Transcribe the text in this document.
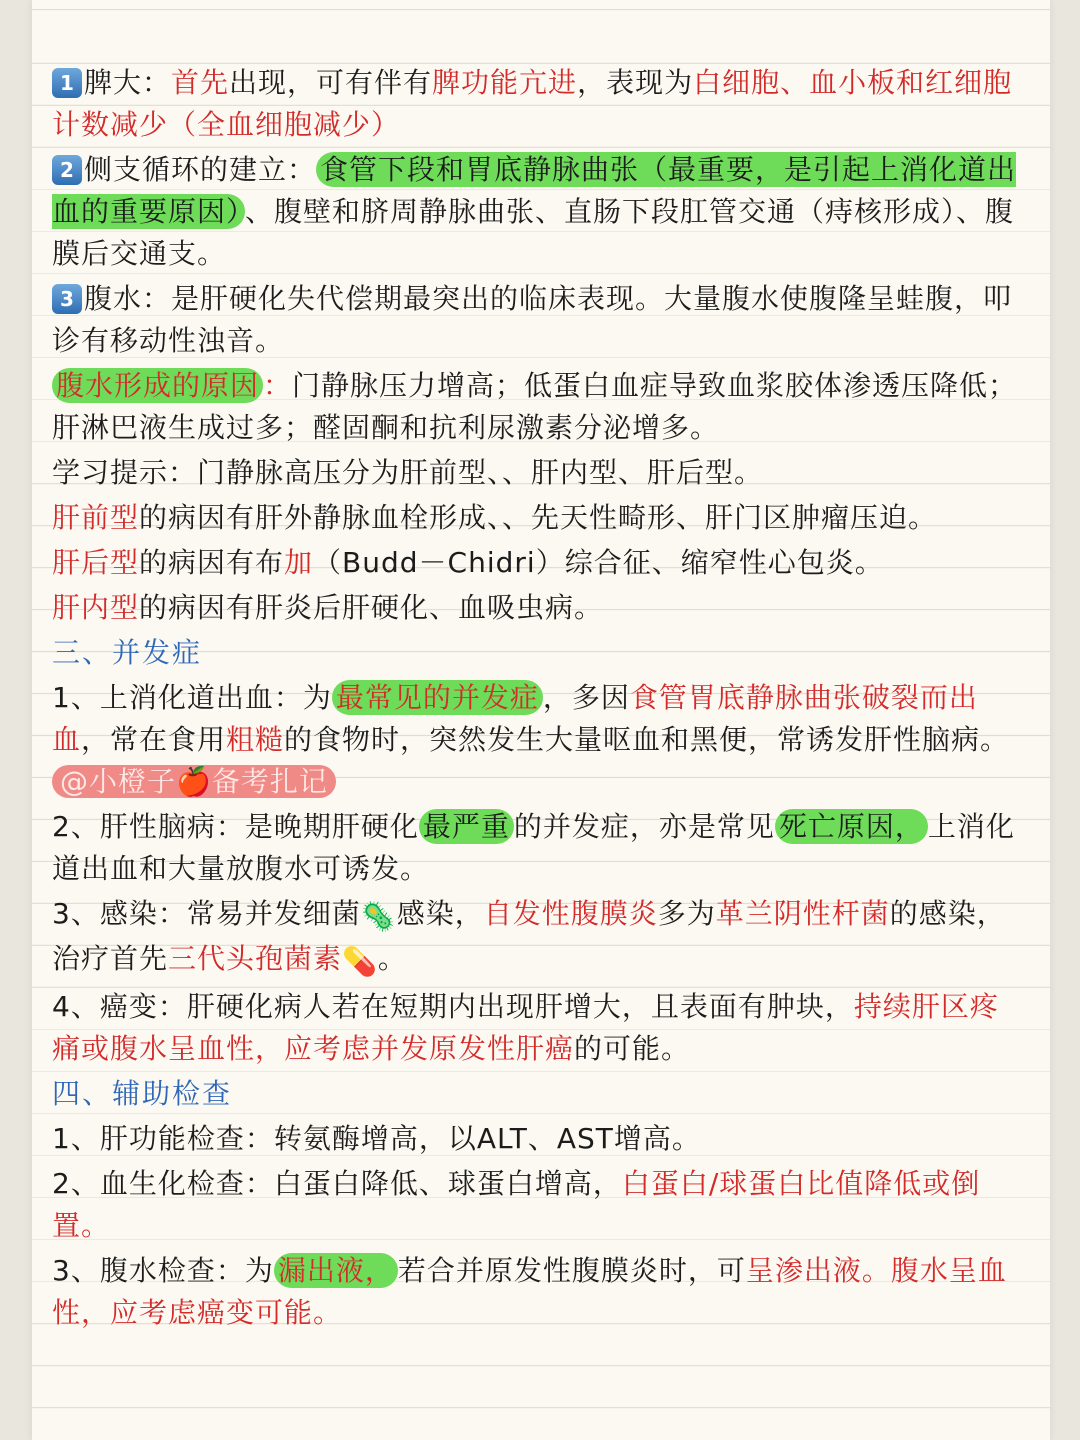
1 脾大：首先出现，可有伴有脾功能亢进，表现为白细胞、血小板和红细胞计数减少（全血细胞减少）

2 侧支循环的建立： 食管下段和胃底静脉曲张（最重要，是引起上消化道出血的重要原因） 、腹壁和脐周静脉曲张、直肠下段肛管交通（痔核形成）、腹膜后交通支。

3 腹水：是肝硬化失代偿期最突出的临床表现。大量腹水使腹隆呈蛙腹，叩诊有移动性浊音。

腹水形成的原因 ：门静脉压力增高；低蛋白血症导致血浆胶体渗透压降低；肝淋巴液生成过多；醛固酮和抗利尿激素分泌增多。

学习提示：门静脉高压分为肝前型、、肝内型、肝后型。

肝前型的病因有肝外静脉血栓形成、、先天性畸形、肝门区肿瘤压迫。

肝后型的病因有布加（Budd－Chidri）综合征、缩窄性心包炎。

肝内型的病因有肝炎后肝硬化、血吸虫病。

三、并发症

1、上消化道出血：为 最常见的并发症 ，多因食管胃底静脉曲张破裂而出血，常在食用粗糙的食物时，突然发生大量呕血和黑便，常诱发肝性脑病。@小橙子🍎备考扎记

2、肝性脑病：是晚期肝硬化 最严重 的并发症，亦是常见 死亡原因， 上消化道出血和大量放腹水可诱发。

3、感染：常易并发细菌🦠感染，自发性腹膜炎多为革兰阴性杆菌的感染，治疗首先三代头孢菌素💊。

4、癌变：肝硬化病人若在短期内出现肝增大，且表面有肿块，持续肝区疼痛或腹水呈血性，应考虑并发原发性肝癌的可能。

四、辅助检查

1、肝功能检查：转氨酶增高，以ALT、AST增高。

2、血生化检查：白蛋白降低、球蛋白增高，白蛋白/球蛋白比值降低或倒置。

3、腹水检查：为 漏出液， 若合并原发性腹膜炎时，可呈渗出液。腹水呈血性，应考虑癌变可能。
